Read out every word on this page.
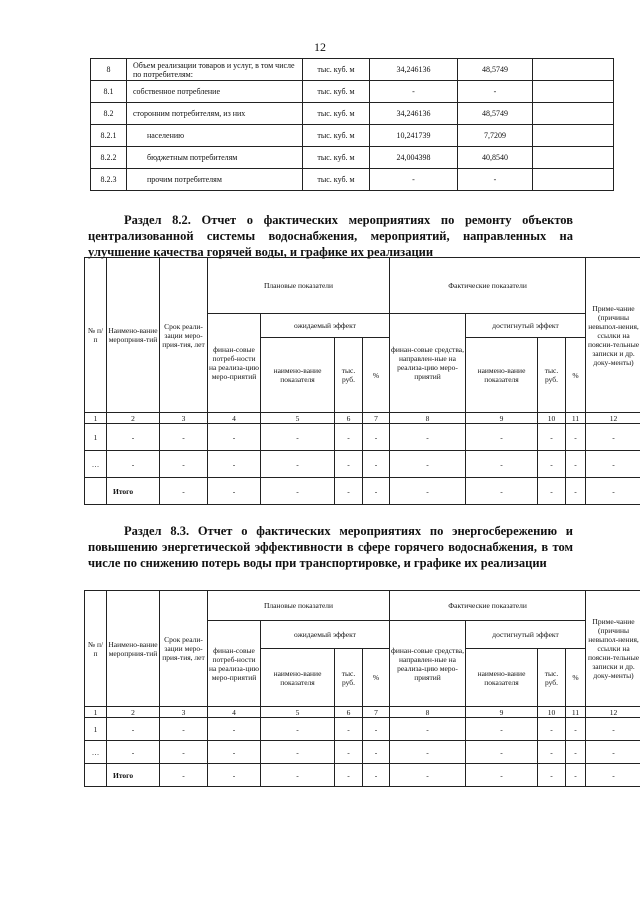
12
8	Объем реализации товаров и услуг, в том числе по потребителям:	тыс. куб. м	34,246136	48,5749	
8.1	собственное потребление	тыс. куб. м	-	-	
8.2	сторонним потребителям, из них	тыс. куб. м	34,246136	48,5749	
8.2.1	населению	тыс. куб. м	10,241739	7,7209	
8.2.2	бюджетным потребителям	тыс. куб. м	24,004398	40,8540	
8.2.3	прочим потребителям	тыс. куб. м	-	-	
Раздел 8.2. Отчет о фактических мероприятиях по ремонту объектов централизованной системы водоснабжения, мероприятий, направленных на улучшение качества горячей воды, и графике их реализации
№ п/п	Наимено-вание меропрния-тий	Срок реали-зации меро-прия-тия, лет	Плановые показатели				Фактические показатели				Приме-чание (причины невыпол-нения, ссылки на поясни-тельные записки и др. доку-менты)
			финан-совые потреб-ности на реализа-цию меро-приятий	ожидаемый эффект			финан-совые средства, направлен-ные на реализа-цию меро-приятий	достигнутый эффект			
				наимено-вание показателя	тыс. руб.	%		наимено-вание показателя	тыс. руб.	%	
1	2	3	4	5	6	7	8	9	10	11	12
1	-	-	-	-	-	-	-	-	-	-	-
…	-	-	-	-	-	-	-	-	-	-	-
	Итого	-	-	-	-	-	-	-	-	-	-
Раздел 8.3. Отчет о фактических мероприятиях по энергосбережению и повышению энергетической эффективности в сфере горячего водоснабжения, в том числе по снижению потерь воды при транспортировке, и графике их реализации
№ п/п	Наимено-вание меропрния-тий	Срок реали-зации меро-прия-тия, лет	Плановые показатели				Фактические показатели				Приме-чание (причины невыпол-нения, ссылки на поясни-тельные записки и др. доку-менты)
			финан-совые потреб-ности на реализа-цию меро-приятий	ожидаемый эффект			финан-совые средства, направлен-ные на реализа-цию меро-приятий	достигнутый эффект			
				наимено-вание показателя	тыс. руб.	%		наимено-вание показателя	тыс. руб.	%	
1	2	3	4	5	6	7	8	9	10	11	12
1	-	-	-	-	-	-	-	-	-	-	-
…	-	-	-	-	-	-	-	-	-	-	-
	Итого	-	-	-	-	-	-	-	-	-	-
